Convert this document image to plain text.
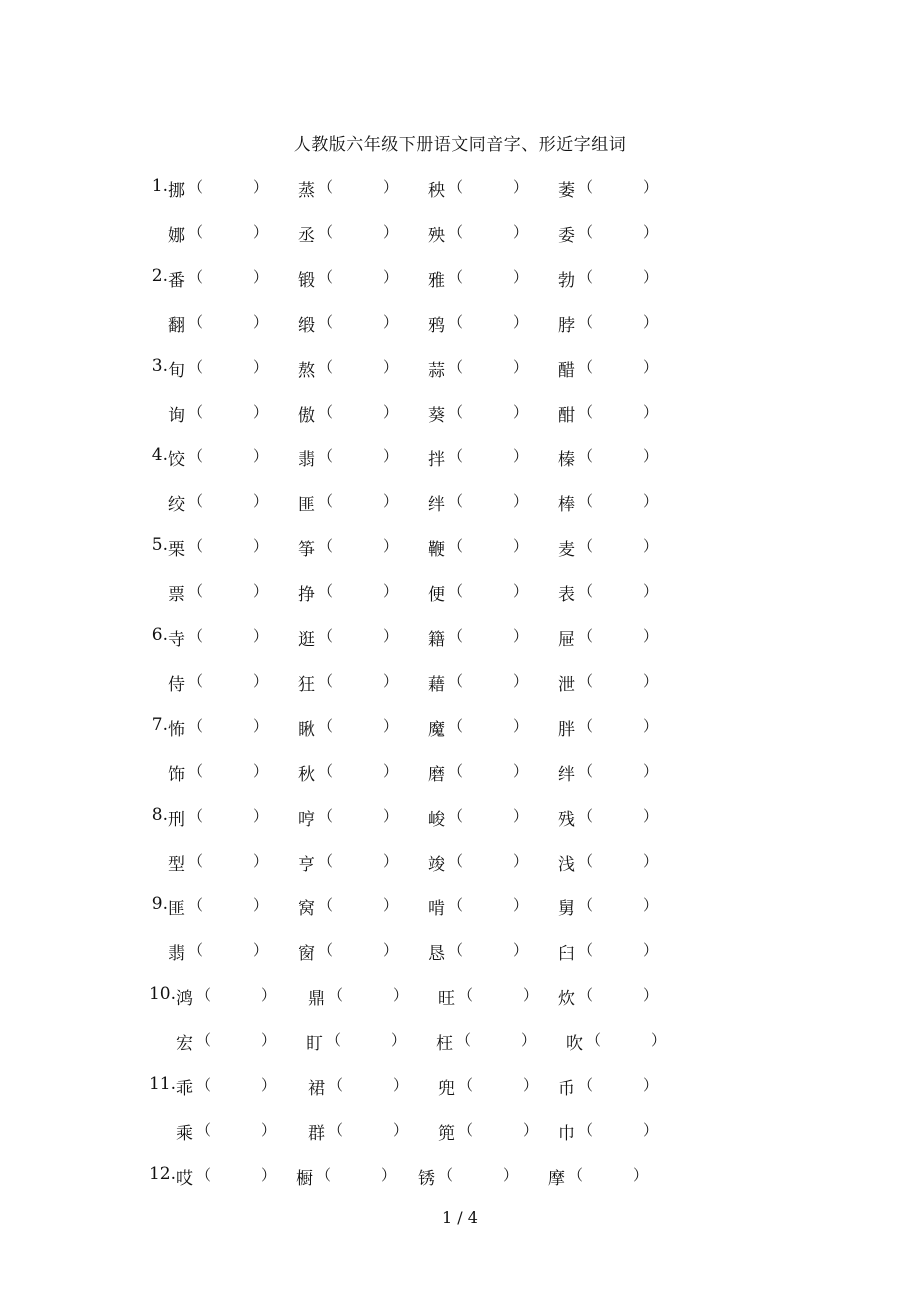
人教版六年级下册语文同音字、形近字组词
1. 挪 （	） 蒸 （	） 秧 （	） 萎 （	）
娜 （	） 丞 （	） 殃 （	） 委 （	）
2. 番 （	） 锻 （	） 雅 （	） 勃 （	）
翻 （	） 缎 （	） 鸦 （	） 脖 （	）
3. 旬 （	） 熬 （	） 蒜 （	） 醋 （	）
询 （	） 傲 （	） 葵 （	） 酣 （	）
4. 饺 （	） 翡 （	） 拌 （	） 榛 （	）
绞 （	） 匪 （	） 绊 （	） 棒 （	）
5. 栗 （	） 筝 （	） 鞭 （	） 麦 （	）
票 （	） 挣 （	） 便 （	） 表 （	）
6. 寺 （	） 逛 （	） 籍 （	） 屉 （	）
侍 （	） 狂 （	） 藉 （	） 泄 （	）
7. 怖 （	） 瞅 （	） 魔 （	） 胖 （	）
饰 （	） 秋 （	） 磨 （	） 绊 （	）
8. 刑 （	） 哼 （	） 峻 （	） 残 （	）
型 （	） 亨 （	） 竣 （	） 浅 （	）
9. 匪 （	） 窝 （	） 啃 （	） 舅 （	）
翡 （	） 窗 （	） 恳 （	） 臼 （	）
10. 鸿 （	） 鼎 （	） 旺 （	） 炊 （	）
宏 （	） 盯 （	） 枉 （	） 吹 （	）
11. 乖 （	） 裙 （	） 兜 （	） 币 （	）
乘 （	） 群 （	） 篼 （	） 巾 （	）
12. 哎 （	） 橱 （	） 锈 （	） 摩 （	）
1 / 4
